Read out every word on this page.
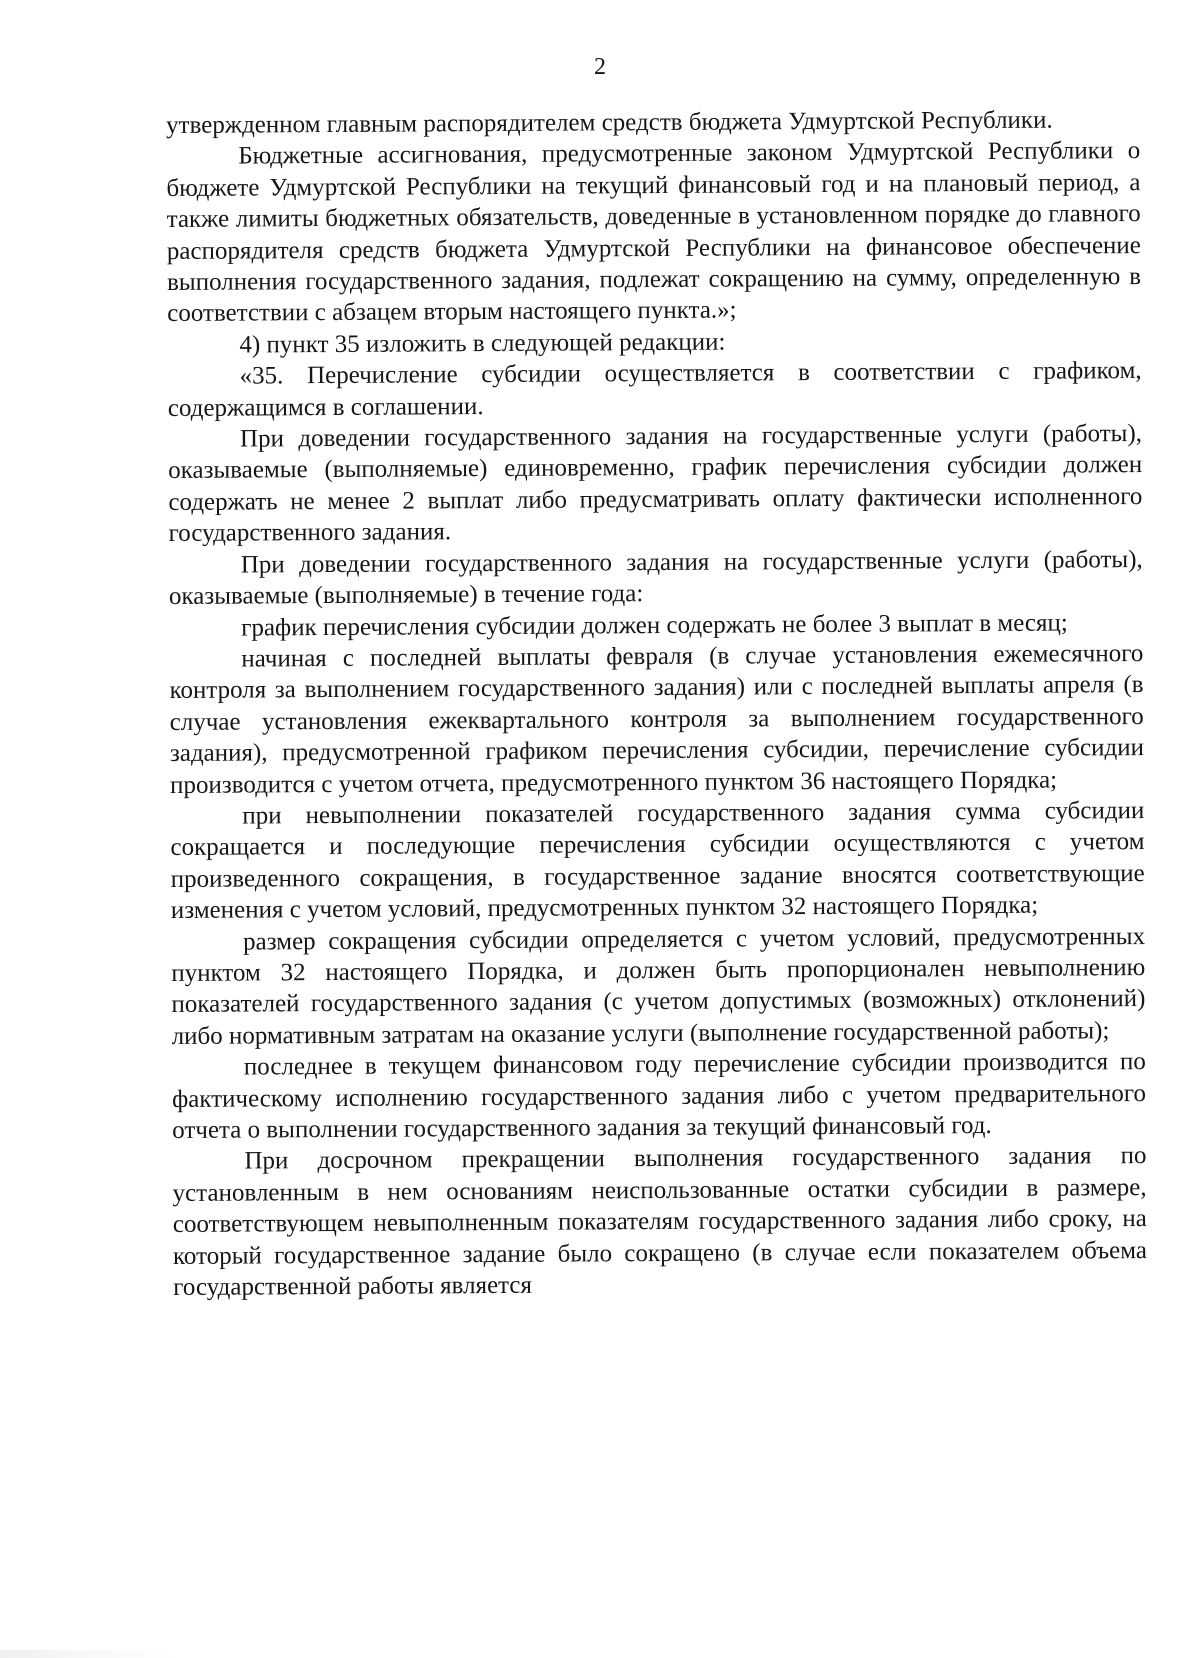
2

утвержденном главным распорядителем средств бюджета Удмуртской Республики.

Бюджетные ассигнования, предусмотренные законом Удмуртской Республики о бюджете Удмуртской Республики на текущий финансовый год и на плановый период, а также лимиты бюджетных обязательств, доведенные в установленном порядке до главного распорядителя средств бюджета Удмуртской Республики на финансовое обеспечение выполнения государственного задания, подлежат сокращению на сумму, определенную в соответствии с абзацем вторым настоящего пункта.»;

4) пункт 35 изложить в следующей редакции:

«35. Перечисление субсидии осуществляется в соответствии с графиком, содержащимся в соглашении.

При доведении государственного задания на государственные услуги (работы), оказываемые (выполняемые) единовременно, график перечисления субсидии должен содержать не менее 2 выплат либо предусматривать оплату фактически исполненного государственного задания.

При доведении государственного задания на государственные услуги (работы), оказываемые (выполняемые) в течение года:

график перечисления субсидии должен содержать не более 3 выплат в месяц;

начиная с последней выплаты февраля (в случае установления ежемесячного контроля за выполнением государственного задания) или с последней выплаты апреля (в случае установления ежеквартального контроля за выполнением государственного задания), предусмотренной графиком перечисления субсидии, перечисление субсидии производится с учетом отчета, предусмотренного пунктом 36 настоящего Порядка;

при невыполнении показателей государственного задания сумма субсидии сокращается и последующие перечисления субсидии осуществляются с учетом произведенного сокращения, в государственное задание вносятся соответствующие изменения с учетом условий, предусмотренных пунктом 32 настоящего Порядка;

размер сокращения субсидии определяется с учетом условий, предусмотренных пунктом 32 настоящего Порядка, и должен быть пропорционален невыполнению показателей государственного задания (с учетом допустимых (возможных) отклонений) либо нормативным затратам на оказание услуги (выполнение государственной работы);

последнее в текущем финансовом году перечисление субсидии производится по фактическому исполнению государственного задания либо с учетом предварительного отчета о выполнении государственного задания за текущий финансовый год.

При досрочном прекращении выполнения государственного задания по установленным в нем основаниям неиспользованные остатки субсидии в размере, соответствующем невыполненным показателям государственного задания либо сроку, на который государственное задание было сокращено (в случае если показателем объема государственной работы является
